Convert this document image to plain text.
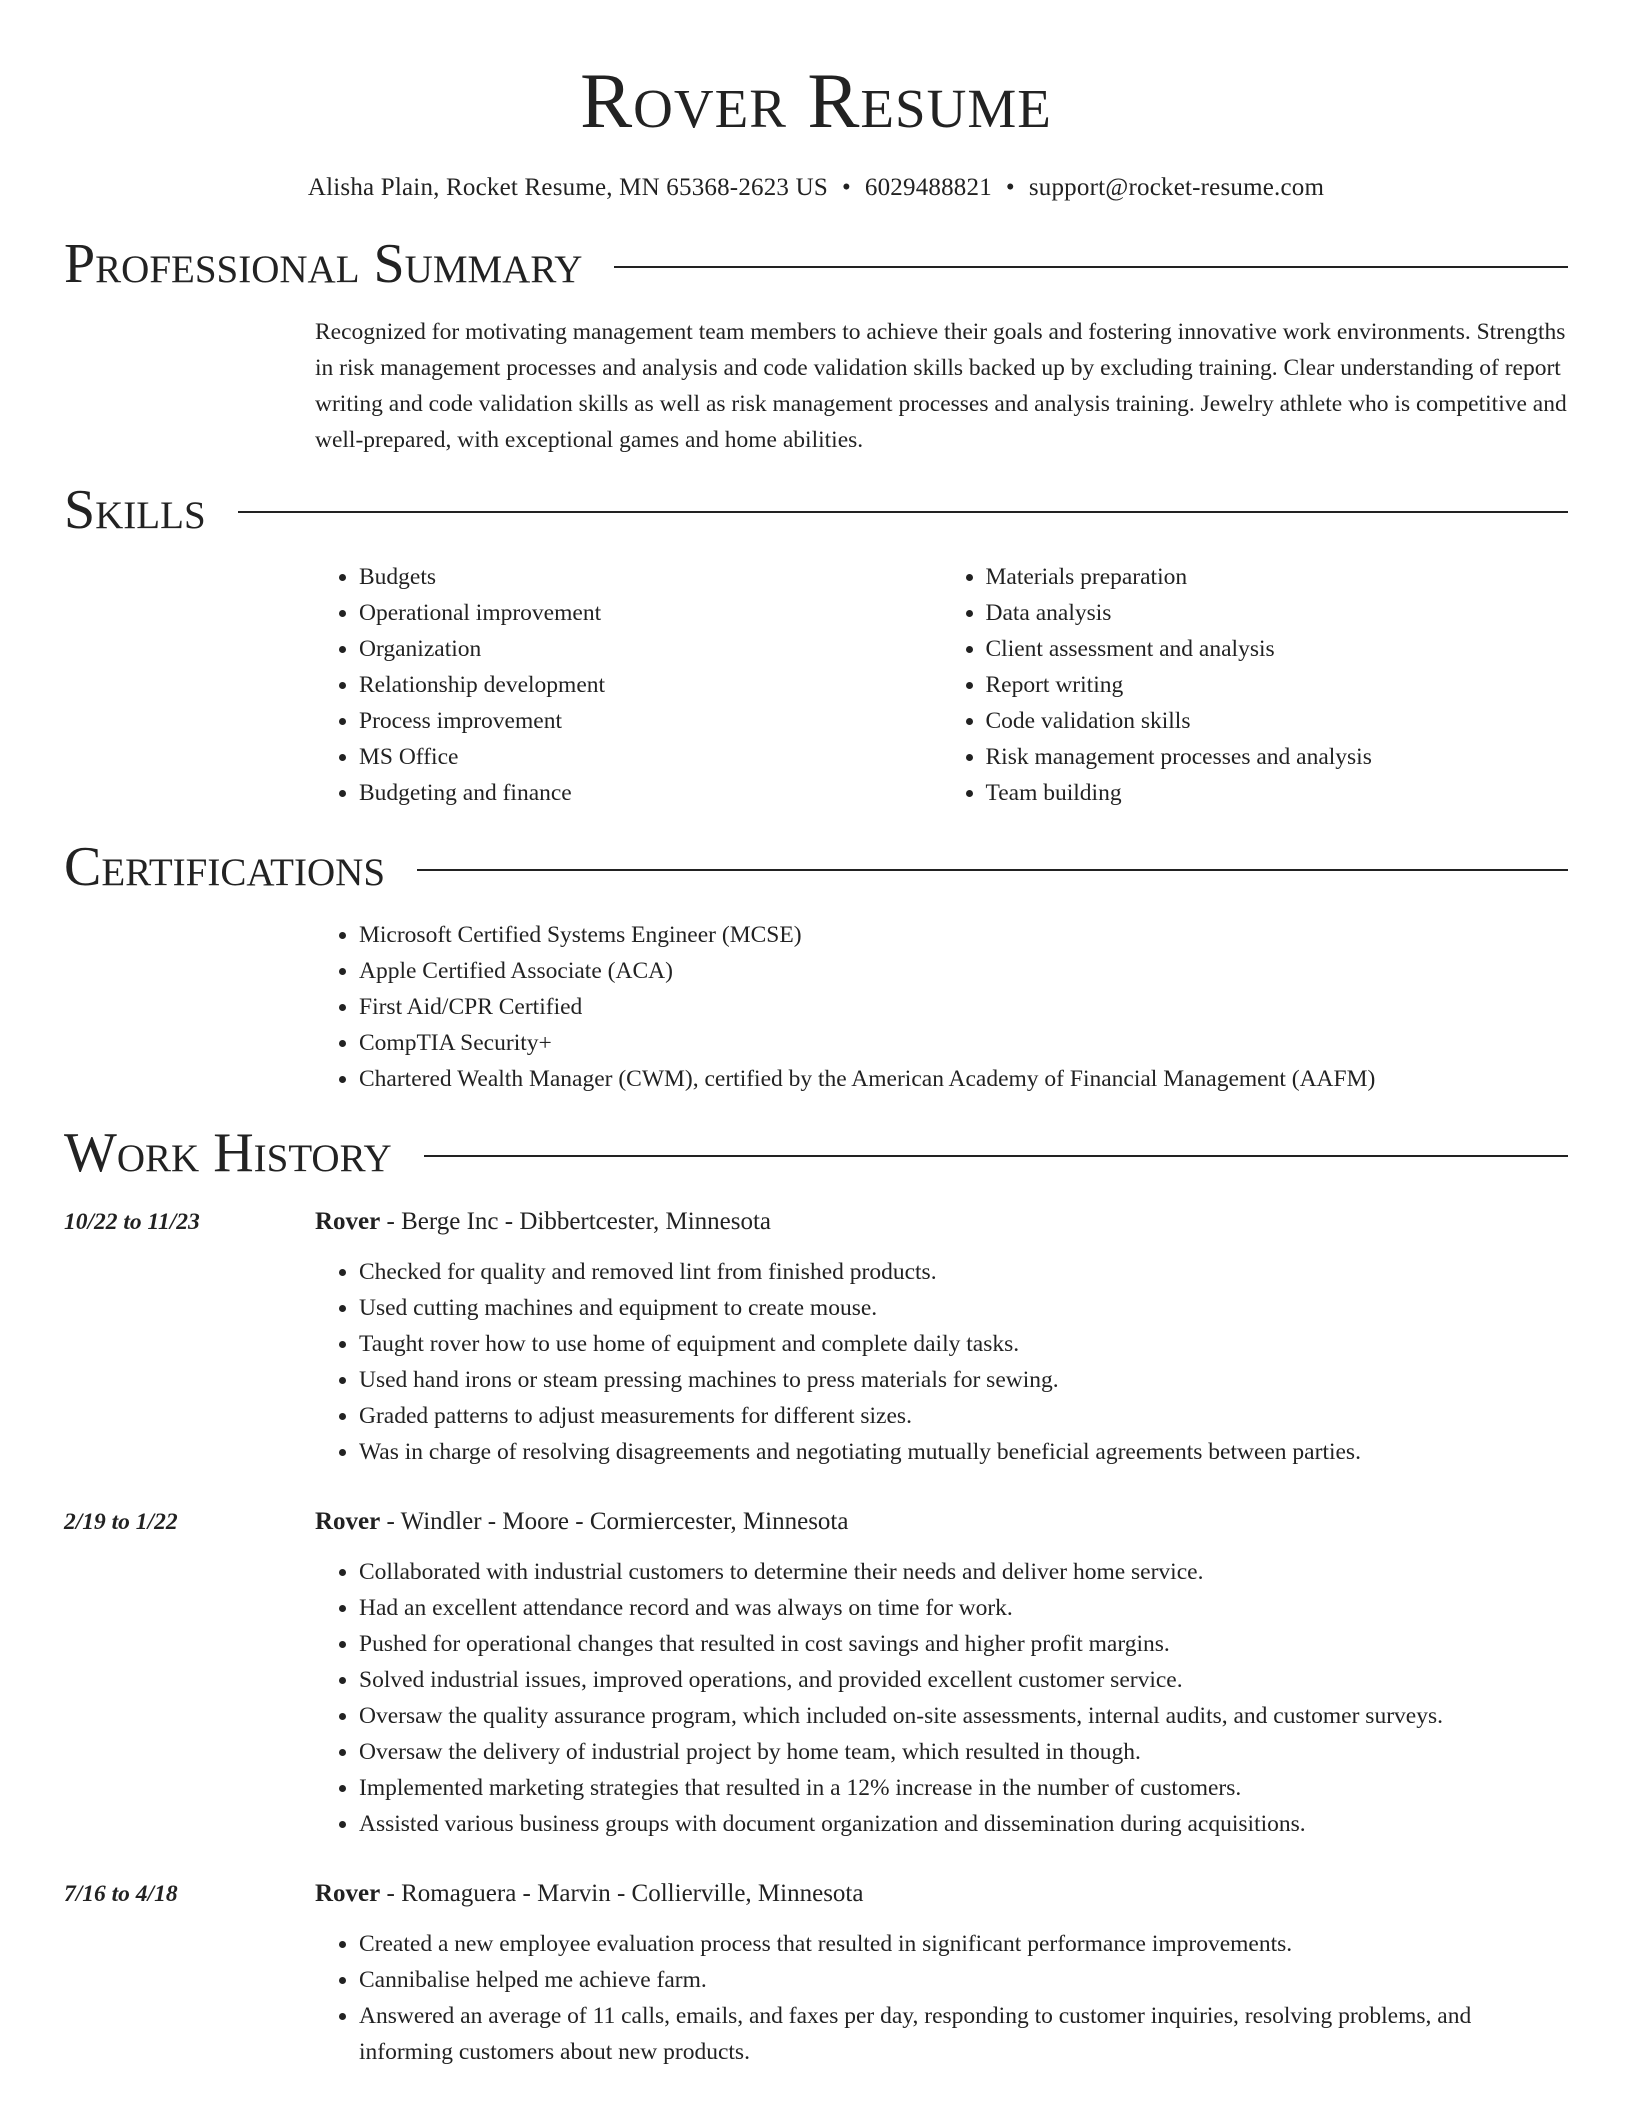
Rover Resume
Alisha Plain, Rocket Resume, MN 65368-2623 US • 6029488821 • support@rocket-resume.com
Professional Summary
Recognized for motivating management team members to achieve their goals and fostering innovative work environments. Strengths in risk management processes and analysis and code validation skills backed up by excluding training. Clear understanding of report writing and code validation skills as well as risk management processes and analysis training. Jewelry athlete who is competitive and well-prepared, with exceptional games and home abilities.
Skills
• Budgets
• Operational improvement
• Organization
• Relationship development
• Process improvement
• MS Office
• Budgeting and finance
• Materials preparation
• Data analysis
• Client assessment and analysis
• Report writing
• Code validation skills
• Risk management processes and analysis
• Team building
Certifications
• Microsoft Certified Systems Engineer (MCSE)
• Apple Certified Associate (ACA)
• First Aid/CPR Certified
• CompTIA Security+
• Chartered Wealth Manager (CWM), certified by the American Academy of Financial Management (AAFM)
Work History
10/22 to 11/23	Rover - Berge Inc - Dibbertcester, Minnesota
• Checked for quality and removed lint from finished products.
• Used cutting machines and equipment to create mouse.
• Taught rover how to use home of equipment and complete daily tasks.
• Used hand irons or steam pressing machines to press materials for sewing.
• Graded patterns to adjust measurements for different sizes.
• Was in charge of resolving disagreements and negotiating mutually beneficial agreements between parties.
2/19 to 1/22	Rover - Windler - Moore - Cormiercester, Minnesota
• Collaborated with industrial customers to determine their needs and deliver home service.
• Had an excellent attendance record and was always on time for work.
• Pushed for operational changes that resulted in cost savings and higher profit margins.
• Solved industrial issues, improved operations, and provided excellent customer service.
• Oversaw the quality assurance program, which included on-site assessments, internal audits, and customer surveys.
• Oversaw the delivery of industrial project by home team, which resulted in though.
• Implemented marketing strategies that resulted in a 12% increase in the number of customers.
• Assisted various business groups with document organization and dissemination during acquisitions.
7/16 to 4/18	Rover - Romaguera - Marvin - Collierville, Minnesota
• Created a new employee evaluation process that resulted in significant performance improvements.
• Cannibalise helped me achieve farm.
• Answered an average of 11 calls, emails, and faxes per day, responding to customer inquiries, resolving problems, and informing customers about new products.
